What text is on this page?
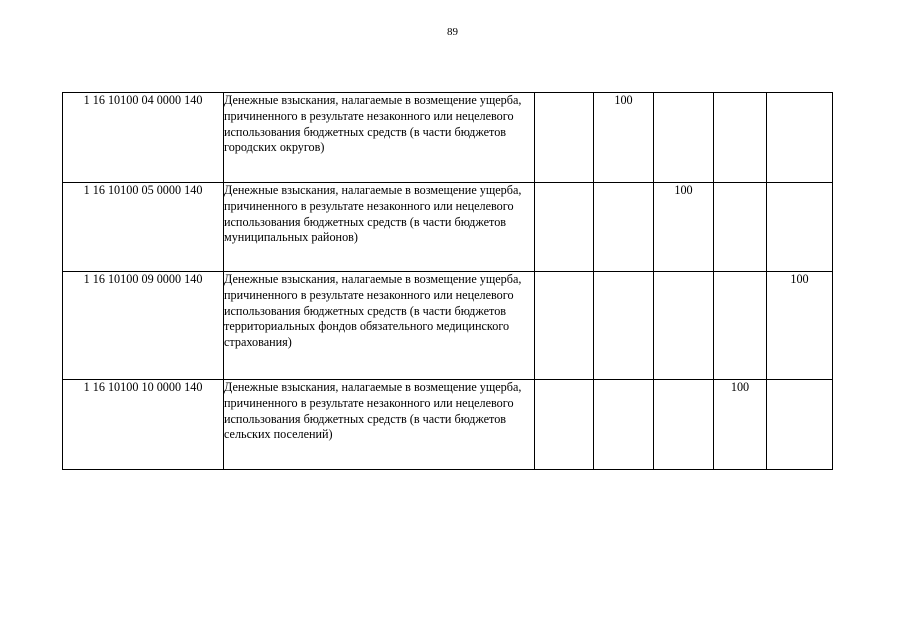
89
1 16 10100 04 0000 140	Денежные взыскания, налагаемые в возмещение ущерба, причиненного в результате незаконного или нецелевого использования бюджетных средств (в части бюджетов городских округов)		100			
1 16 10100 05 0000 140	Денежные взыскания, налагаемые в возмещение ущерба, причиненного в результате незаконного или нецелевого использования бюджетных средств (в части бюджетов муниципальных районов)			100		
1 16 10100 09 0000 140	Денежные взыскания, налагаемые в возмещение ущерба, причиненного в результате незаконного или нецелевого использования бюджетных средств (в части бюджетов территориальных фондов обязательного медицинского страхования)					100
1 16 10100 10 0000 140	Денежные взыскания, налагаемые в возмещение ущерба, причиненного в результате незаконного или нецелевого использования бюджетных средств (в части бюджетов сельских поселений)				100	
